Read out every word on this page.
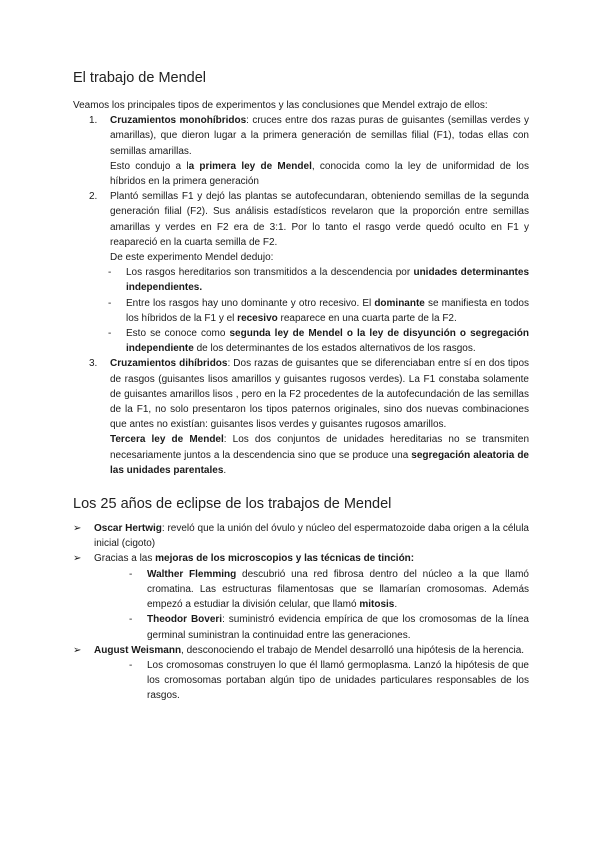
El trabajo de Mendel

Veamos los principales tipos de experimentos y las conclusiones que Mendel extrajo de ellos:

1. Cruzamientos monohíbridos: cruces entre dos razas puras de guisantes (semillas verdes y amarillas), que dieron lugar a la primera generación de semillas filial (F1), todas ellas con semillas amarillas.

Esto condujo a la primera ley de Mendel, conocida como la ley de uniformidad de los híbridos en la primera generación

2. Plantó semillas F1 y dejó las plantas se autofecundaran, obteniendo semillas de la segunda generación filial (F2). Sus análisis estadísticos revelaron que la proporción entre semillas amarillas y verdes en F2 era de 3:1. Por lo tanto el rasgo verde quedó oculto en F1 y reapareció en la cuarta semilla de F2.

De este experimento Mendel dedujo:

- Los rasgos hereditarios son transmitidos a la descendencia por unidades determinantes independientes.

- Entre los rasgos hay uno dominante y otro recesivo. El dominante se manifiesta en todos los híbridos de la F1 y el recesivo reaparece en una cuarta parte de la F2.

- Esto se conoce como segunda ley de Mendel o la ley de disyunción o segregación independiente de los determinantes de los estados alternativos de los rasgos.

3. Cruzamientos dihíbridos: Dos razas de guisantes que se diferenciaban entre sí en dos tipos de rasgos (guisantes lisos amarillos y guisantes rugosos verdes). La F1 constaba solamente de guisantes amarillos lisos , pero en la F2 procedentes de la autofecundación de las semillas de la F1, no solo presentaron los tipos paternos originales, sino dos nuevas combinaciones que antes no existían: guisantes lisos verdes y guisantes rugosos amarillos.

Tercera ley de Mendel: Los dos conjuntos de unidades hereditarias no se transmiten necesariamente juntos a la descendencia sino que se produce una segregación aleatoria de las unidades parentales.

Los 25 años de eclipse de los trabajos de Mendel
➢ Oscar Hertwig: reveló que la unión del óvulo y núcleo del espermatozoide daba origen a la célula inicial (cigoto)

➢ Gracias a las mejoras de los microscopios y las técnicas de tinción:

- Walther Flemming descubrió una red fibrosa dentro del núcleo a la que llamó cromatina. Las estructuras filamentosas que se llamarían cromosomas. Además empezó a estudiar la división celular, que llamó mitosis.

- Theodor Boveri: suministró evidencia empírica de que los cromosomas de la línea germinal suministran la continuidad entre las generaciones.

➢ August Weismann, desconociendo el trabajo de Mendel desarrolló una hipótesis de la herencia.

- Los cromosomas construyen lo que él llamó germoplasma. Lanzó la hipótesis de que los cromosomas portaban algún tipo de unidades particulares responsables de los rasgos.
